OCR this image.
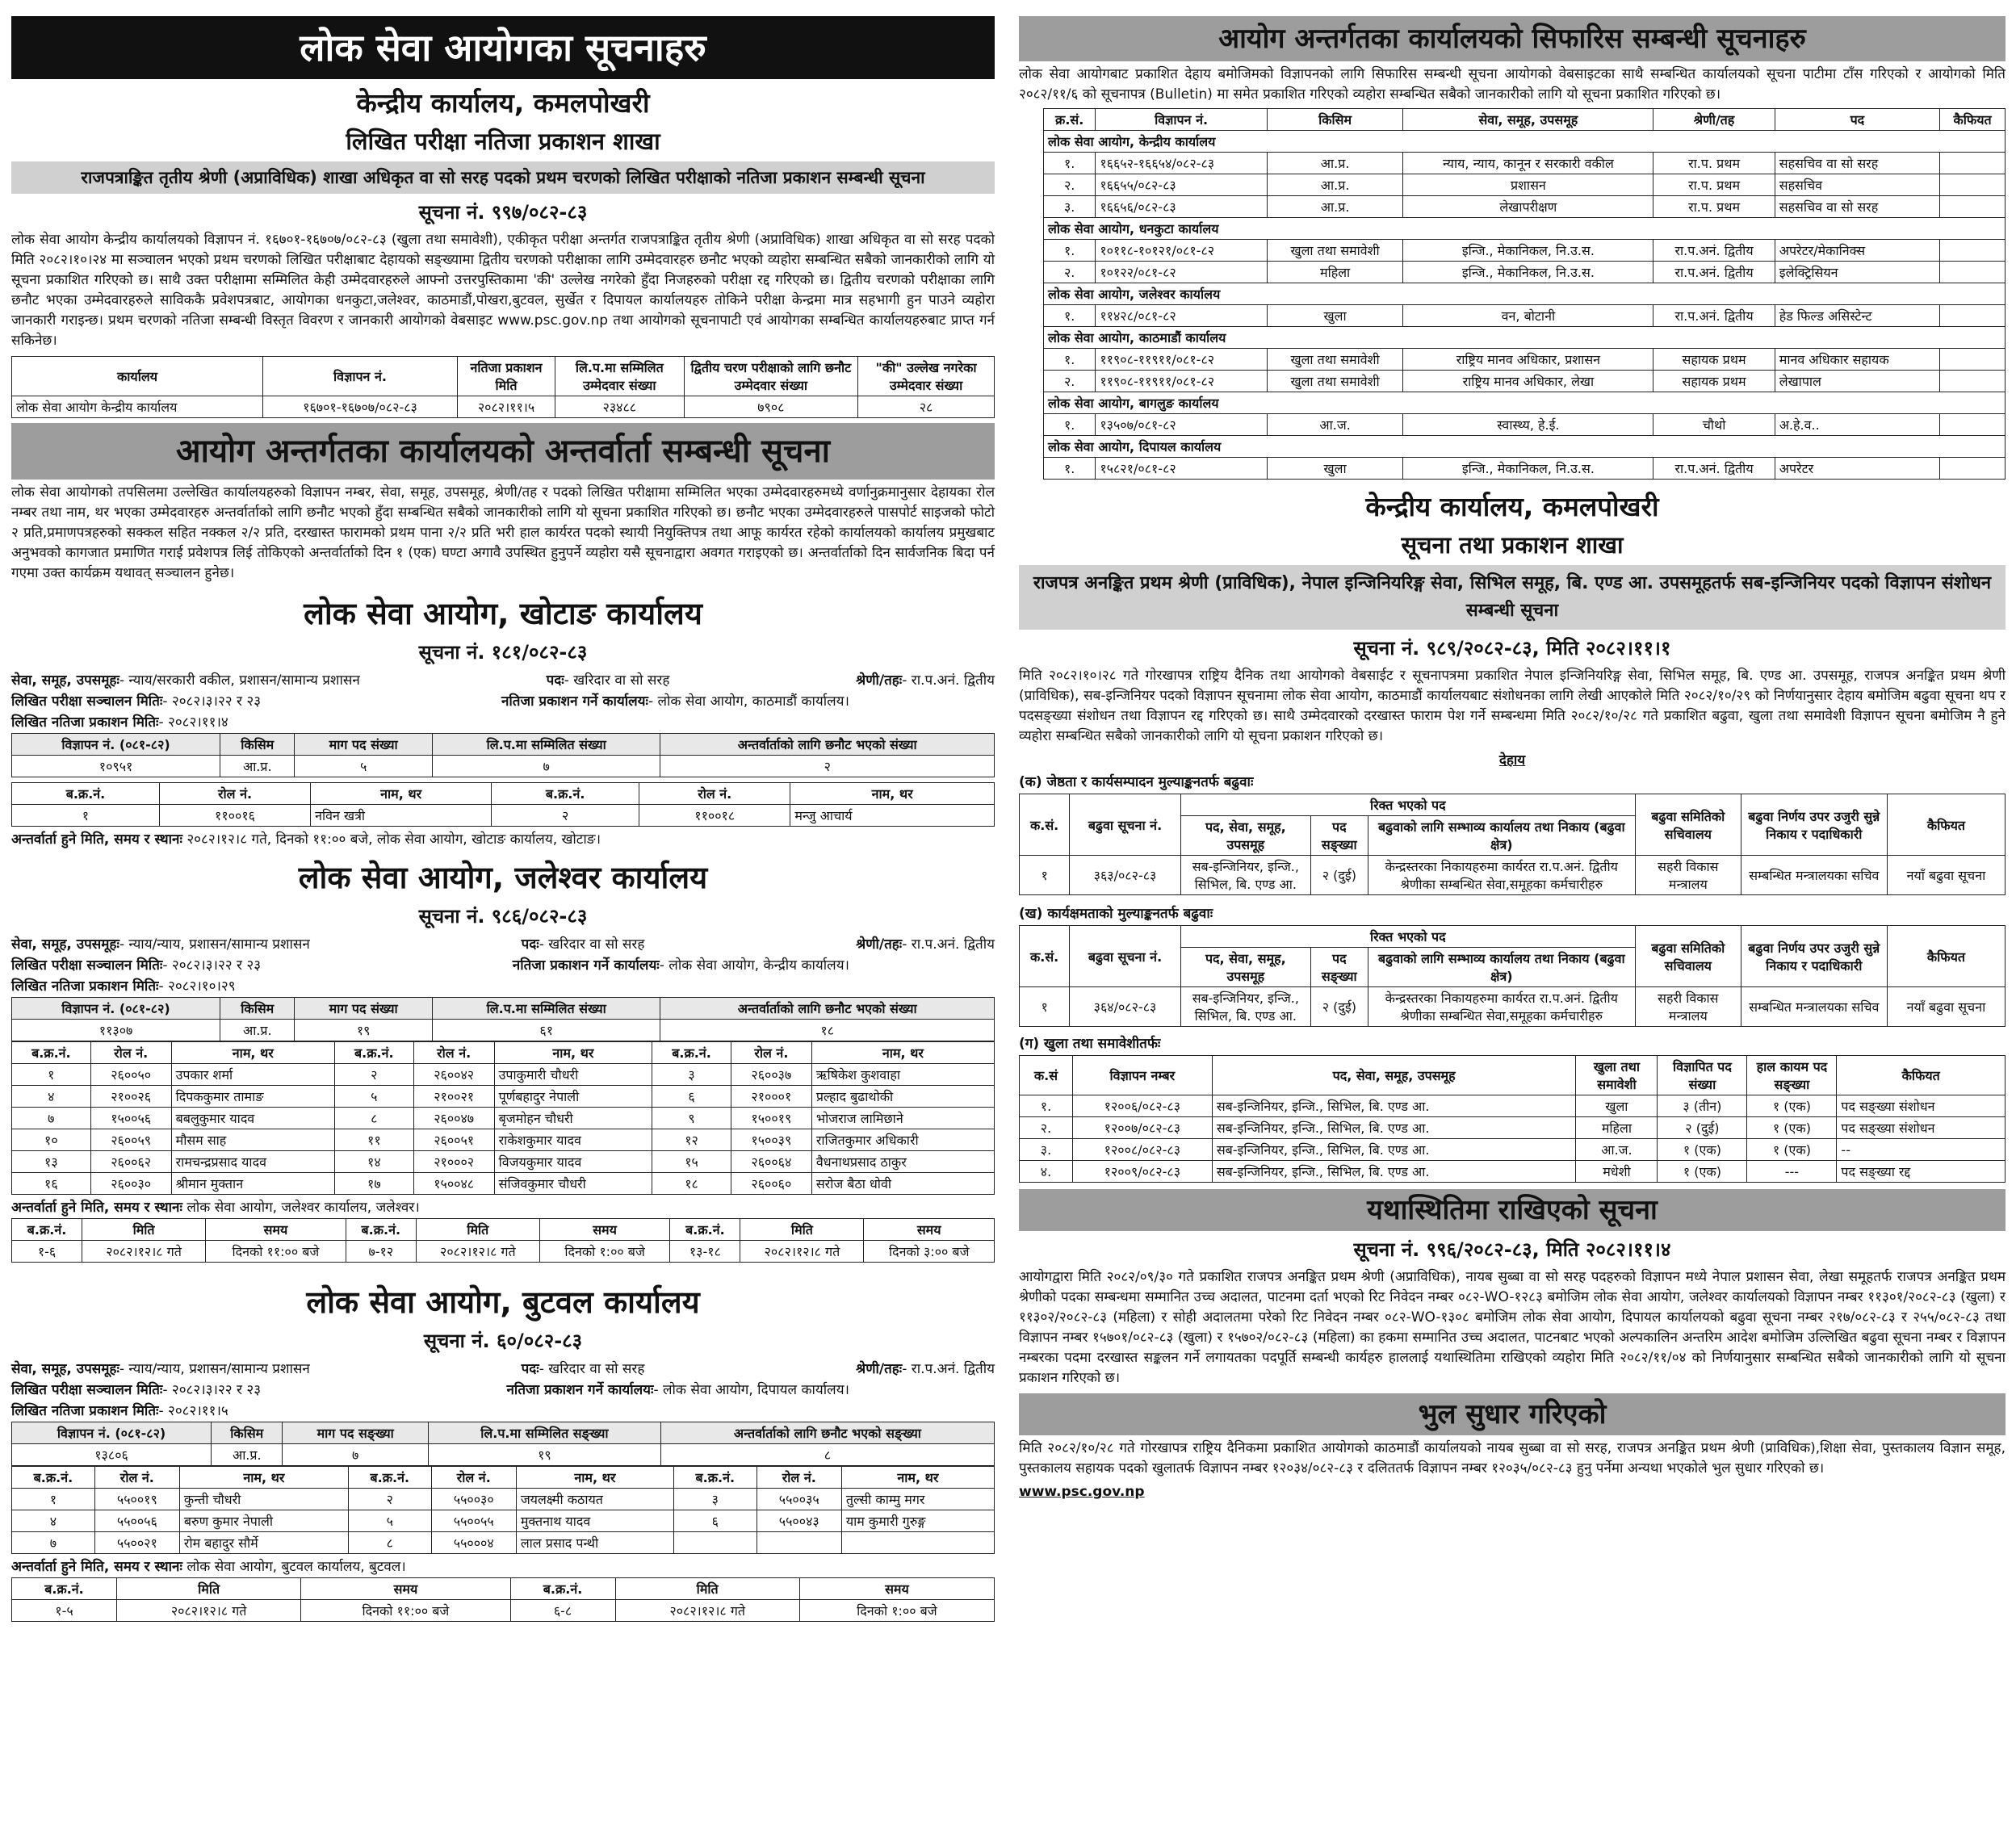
लोक सेवा आयोगका सूचनाहरु
केन्द्रीय कार्यालय, कमलपोखरी
लिखित परीक्षा नतिजा प्रकाशन शाखा
राजपत्राङ्कित तृतीय श्रेणी (अप्राविधिक) शाखा अधिकृत वा सो सरह पदको प्रथम चरणको लिखित परीक्षाको नतिजा प्रकाशन सम्बन्धी सूचना
सूचना नं. ९९७/०८२-८३
लोक सेवा आयोग केन्द्रीय कार्यालयको विज्ञापन नं. १६७०१-१६७०७/०८२-८३ (खुला तथा समावेशी), एकीकृत परीक्षा अन्तर्गत राजपत्राङ्कित तृतीय श्रेणी (अप्राविधिक) शाखा अधिकृत वा सो सरह पदको मिति २०८२।१०।२४ मा सञ्चालन भएको प्रथम चरणको लिखित परीक्षाबाट देहायको सङ्ख्यामा द्वितीय चरणको परीक्षाका लागि उम्मेदवारहरु छनौट भएको व्यहोरा सम्बन्धित सबैको जानकारीको लागि यो सूचना प्रकाशित गरिएको छ। साथै उक्त परीक्षामा सम्मिलित केही उम्मेदवारहरुले आफ्नो उत्तरपुस्तिकामा 'की' उल्लेख नगरेको हुँदा निजहरुको परीक्षा रद्द गरिएको छ। द्वितीय चरणको परीक्षाका लागि छनौट भएका उम्मेदवारहरुले साविककै प्रवेशपत्रबाट, आयोगका धनकुटा,जलेश्वर, काठमाडौं,पोखरा,बुटवल, सुर्खेत र दिपायल कार्यालयहरु तोकिने परीक्षा केन्द्रमा मात्र सहभागी हुन पाउने व्यहोरा जानकारी गराइन्छ। प्रथम चरणको नतिजा सम्बन्धी विस्तृत विवरण र जानकारी आयोगको वेबसाइट www.psc.gov.np तथा आयोगको सूचनापाटी एवं आयोगका सम्बन्धित कार्यालयहरुबाट प्राप्त गर्न सकिनेछ।
कार्यालय	विज्ञापन नं.	नतिजा प्रकाशन मिति	लि.प.मा सम्मिलित उम्मेदवार संख्या	द्वितीय चरण परीक्षाको लागि छनौट उम्मेदवार संख्या	"की" उल्लेख नगरेका उम्मेदवार संख्या
लोक सेवा आयोग केन्द्रीय कार्यालय	१६७०१-१६७०७/०८२-८३	२०८२।११।५	२३४८८	७९०८	२८
आयोग अन्तर्गतका कार्यालयको अन्तर्वार्ता सम्बन्धी सूचना
लोक सेवा आयोगको तपसिलमा उल्लेखित कार्यालयहरुको विज्ञापन नम्बर, सेवा, समूह, उपसमूह, श्रेणी/तह र पदको लिखित परीक्षामा सम्मिलित भएका उम्मेदवारहरुमध्ये वर्णानुक्रमानुसार देहायका रोल नम्बर तथा नाम, थर भएका उम्मेदवारहरु अन्तर्वार्ताको लागि छनौट भएको हुँदा सम्बन्धित सबैको जानकारीको लागि यो सूचना प्रकाशित गरिएको छ। छनौट भएका उम्मेदवारहरुले पासपोर्ट साइजको फोटो २ प्रति,प्रमाणपत्रहरुको सक्कल सहित नक्कल २/२ प्रति, दरखास्त फारामको प्रथम पाना २/२ प्रति भरी हाल कार्यरत पदको स्थायी नियुक्तिपत्र तथा आफू कार्यरत रहेको कार्यालयको कार्यालय प्रमुखबाट अनुभवको कागजात प्रमाणित गराई प्रवेशपत्र लिई तोकिएको अन्तर्वार्ताको दिन १ (एक) घण्टा अगावै उपस्थित हुनुपर्ने व्यहोरा यसै सूचनाद्वारा अवगत गराइएको छ। अन्तर्वार्ताको दिन सार्वजनिक बिदा पर्न गएमा उक्त कार्यक्रम यथावत् सञ्चालन हुनेछ।
लोक सेवा आयोग, खोटाङ कार्यालय
सूचना नं. १८१/०८२-८३
सेवा, समूह, उपसमूहः- न्याय/सरकारी वकील, प्रशासन/सामान्य प्रशासन	पदः- खरिदार वा सो सरह	श्रेणी/तहः- रा.प.अनं. द्वितीय
लिखित परीक्षा सञ्चालन मितिः- २०८२।३।२२ र २३	नतिजा प्रकाशन गर्ने कार्यालयः- लोक सेवा आयोग, काठमाडौं कार्यालय।
लिखित नतिजा प्रकाशन मितिः- २०८२।११।४
विज्ञापन नं. (०८१-८२)	किसिम	माग पद संख्या	लि.प.मा सम्मिलित संख्या	अन्तर्वार्ताको लागि छनौट भएको संख्या
१०९५१	आ.प्र.	५	७	२
ब.क्र.नं.	रोल नं.	नाम, थर	ब.क्र.नं.	रोल नं.	नाम, थर
१	११००१६	नविन खत्री	२	११००१८	मन्जु आचार्य
अन्तर्वार्ता हुने मिति, समय र स्थानः
२०८२।१२।८ गते, दिनको ११:०० बजे, लोक सेवा आयोग, खोटाङ कार्यालय, खोटाङ।
लोक सेवा आयोग, जलेश्वर कार्यालय
सूचना नं. ९८६/०८२-८३
सेवा, समूह, उपसमूहः- न्याय/न्याय, प्रशासन/सामान्य प्रशासन	पदः- खरिदार वा सो सरह	श्रेणी/तहः- रा.प.अनं. द्वितीय
लिखित परीक्षा सञ्चालन मितिः- २०८२।३।२२ र २३	नतिजा प्रकाशन गर्ने कार्यालयः- लोक सेवा आयोग, केन्द्रीय कार्यालय।
लिखित नतिजा प्रकाशन मितिः- २०८२।१०।२९
विज्ञापन नं. (०८१-८२)	किसिम	माग पद संख्या	लि.प.मा सम्मिलित संख्या	अन्तर्वार्ताको लागि छनौट भएको संख्या
११३०७	आ.प्र.	१९	६१	१८
ब.क्र.नं.	रोल नं.	नाम, थर	ब.क्र.नं.	रोल नं.	नाम, थर	ब.क्र.नं.	रोल नं.	नाम, थर
१	२६००५०	उपकार शर्मा	२	२६००४२	उपाकुमारी चौधरी	३	२६००३७	ऋषिकेश कुशवाहा
४	२१००२६	दिपककुमार तामाङ	५	२१००२१	पूर्णबहादुर नेपाली	६	२१०००१	प्रल्हाद बुढाथोकी
७	१५००५६	बबलुकुमार यादव	८	२६००४७	बृजमोहन चौधरी	९	१५००१९	भोजराज लामिछाने
१०	२६००५९	मौसम साह	११	२६००५१	राकेशकुमार यादव	१२	१५००३९	राजितकुमार अधिकारी
१३	२६००६२	रामचन्द्रप्रसाद यादव	१४	२१०००२	विजयकुमार यादव	१५	२६००६४	वैधनाथप्रसाद ठाकुर
१६	२६००३०	श्रीमान मुक्तान	१७	१५००४८	संजिवकुमार चौधरी	१८	२६००६०	सरोज बैठा धोवी
अन्तर्वार्ता हुने मिति, समय र स्थानः
लोक सेवा आयोग, जलेश्वर कार्यालय, जलेश्वर।
ब.क्र.नं.	मिति	समय	ब.क्र.नं.	मिति	समय	ब.क्र.नं.	मिति	समय
१-६	२०८२।१२।८ गते	दिनको ११:०० बजे	७-१२	२०८२।१२।८ गते	दिनको १:०० बजे	१३-१८	२०८२।१२।८ गते	दिनको ३:०० बजे
लोक सेवा आयोग, बुटवल कार्यालय
सूचना नं. ६०/०८२-८३
सेवा, समूह, उपसमूहः- न्याय/न्याय, प्रशासन/सामान्य प्रशासन	पदः- खरिदार वा सो सरह	श्रेणी/तहः- रा.प.अनं. द्वितीय
लिखित परीक्षा सञ्चालन मितिः- २०८२।३।२२ र २३	नतिजा प्रकाशन गर्ने कार्यालयः- लोक सेवा आयोग, दिपायल कार्यालय।
लिखित नतिजा प्रकाशन मितिः- २०८२।११।५
विज्ञापन नं. (०८१-८२)	किसिम	माग पद सङ्ख्या	लि.प.मा सम्मिलित सङ्ख्या	अन्तर्वार्ताको लागि छनौट भएको सङ्ख्या
१३८०६	आ.प्र.	७	१९	८
ब.क्र.नं.	रोल नं.	नाम, थर	ब.क्र.नं.	रोल नं.	नाम, थर	ब.क्र.नं.	रोल नं.	नाम, थर
१	५५००१९	कुन्ती चौधरी	२	५५००३०	जयलक्ष्मी कठायत	३	५५००३५	तुल्सी काम्मु मगर
४	५५००५६	बरुण कुमार नेपाली	५	५५००५५	मुक्तनाथ यादव	६	५५००४३	याम कुमारी गुरुङ्ग
७	५५००२१	रोम बहादुर सौर्मे	८	५५०००४	लाल प्रसाद पन्थी			
अन्तर्वार्ता हुने मिति, समय र स्थानः
लोक सेवा आयोग, बुटवल कार्यालय, बुटवल।
ब.क्र.नं.	मिति	समय	ब.क्र.नं.	मिति	समय
१-५	२०८२।१२।८ गते	दिनको ११:०० बजे	६-८	२०८२।१२।८ गते	दिनको १:०० बजे
आयोग अन्तर्गतका कार्यालयको सिफारिस सम्बन्धी सूचनाहरु
लोक सेवा आयोगबाट प्रकाशित देहाय बमोजिमको विज्ञापनको लागि सिफारिस सम्बन्धी सूचना आयोगको वेबसाइटका साथै सम्बन्धित कार्यालयको सूचना पाटीमा टाँस गरिएको र आयोगको मिति २०८२/११/६ को सूचनापत्र (Bulletin) मा समेत प्रकाशित गरिएको व्यहोरा सम्बन्धित सबैको जानकारीको लागि यो सूचना प्रकाशित गरिएको छ।
क्र.सं.	विज्ञापन नं.	किसिम	सेवा, समूह, उपसमूह	श्रेणी/तह	पद	कैफियत
लोक सेवा आयोग, केन्द्रीय कार्यालय						
१.	१६६५२-१६६५४/०८२-८३	आ.प्र.	न्याय, न्याय, कानून र सरकारी वकील	रा.प. प्रथम	सहसचिव वा सो सरह	
२.	१६६५५/०८२-८३	आ.प्र.	प्रशासन	रा.प. प्रथम	सहसचिव	
३.	१६६५६/०८२-८३	आ.प्र.	लेखापरीक्षण	रा.प. प्रथम	सहसचिव वा सो सरह	
लोक सेवा आयोग, धनकुटा कार्यालय						
१.	१०११८-१०१२१/०८१-८२	खुला तथा समावेशी	इन्जि., मेकानिकल, नि.उ.स.	रा.प.अनं. द्वितीय	अपरेटर/मेकानिक्स	
२.	१०१२२/०८१-८२	महिला	इन्जि., मेकानिकल, नि.उ.स.	रा.प.अनं. द्वितीय	इलेक्ट्रिसियन	
लोक सेवा आयोग, जलेश्वर कार्यालय						
१.	११४२८/०८१-८२	खुला	वन, बोटानी	रा.प.अनं. द्वितीय	हेड फिल्ड असिस्टेन्ट	
लोक सेवा आयोग, काठमाडौं कार्यालय						
१.	११९०८-११९११/०८१-८२	खुला तथा समावेशी	राष्ट्रिय मानव अधिकार, प्रशासन	सहायक प्रथम	मानव अधिकार सहायक	
२.	११९०८-११९११/०८१-८२	खुला तथा समावेशी	राष्ट्रिय मानव अधिकार, लेखा	सहायक प्रथम	लेखापाल	
लोक सेवा आयोग, बागलुङ कार्यालय						
१.	१३५०७/०८१-८२	आ.ज.	स्वास्थ्य, हे.ई.	चौथो	अ.हे.व..	
लोक सेवा आयोग, दिपायल कार्यालय						
१.	१५८२१/०८१-८२	खुला	इन्जि., मेकानिकल, नि.उ.स.	रा.प.अनं. द्वितीय	अपरेटर	
केन्द्रीय कार्यालय, कमलपोखरी
सूचना तथा प्रकाशन शाखा
राजपत्र अनङ्कित प्रथम श्रेणी (प्राविधिक), नेपाल इन्जिनियरिङ्ग सेवा, सिभिल समूह, बि. एण्ड आ. उपसमूहतर्फ सब-इन्जिनियर पदको विज्ञापन संशोधन सम्बन्धी सूचना
सूचना नं. ९८९/२०८२-८३, मिति २०८२।११।१
मिति २०८२।१०।२८ गते गोरखापत्र राष्ट्रिय दैनिक तथा आयोगको वेबसाईट र सूचनापत्रमा प्रकाशित नेपाल इन्जिनियरिङ्ग सेवा, सिभिल समूह, बि. एण्ड आ. उपसमूह, राजपत्र अनङ्कित प्रथम श्रेणी (प्राविधिक), सब-इन्जिनियर पदको विज्ञापन सूचनामा लोक सेवा आयोग, काठमाडौं कार्यालयबाट संशोधनका लागि लेखी आएकोले मिति २०८२/१०/२९ को निर्णयानुसार देहाय बमोजिम बढुवा सूचना थप र पदसङ्ख्या संशोधन तथा विज्ञापन रद्द गरिएको छ। साथै उम्मेदवारको दरखास्त फाराम पेश गर्ने सम्बन्धमा मिति २०८२/१०/२८ गते प्रकाशित बढुवा, खुला तथा समावेशी विज्ञापन सूचना बमोजिम नै हुने व्यहोरा सम्बन्धित सबैको जानकारीको लागि यो सूचना प्रकाशन गरिएको छ।
देहाय
(क) जेष्ठता र कार्यसम्पादन मुल्याङ्कनतर्फ बढुवाः
क.सं.	बढुवा सूचना नं.	रिक्त भएको पद			बढुवा समितिको सचिवालय	बढुवा निर्णय उपर उजुरी सुन्ने निकाय र पदाधिकारी	कैफियत
		पद, सेवा, समूह, उपसमूह	पद सङ्ख्या	बढुवाको लागि सम्भाव्य कार्यालय तथा निकाय (बढुवा क्षेत्र)			
१	३६३/०८२-८३	सब-इन्जिनियर, इन्जि., सिभिल, बि. एण्ड आ.	२ (दुई)	केन्द्रस्तरका निकायहरुमा कार्यरत रा.प.अनं. द्वितीय श्रेणीका सम्बन्धित सेवा,समूहका कर्मचारीहरु	सहरी विकास मन्त्रालय	सम्बन्धित मन्त्रालयका सचिव	नयाँ बढुवा सूचना
(ख) कार्यक्षमताको मुल्याङ्कनतर्फ बढुवाः
क.सं.	बढुवा सूचना नं.	रिक्त भएको पद			बढुवा समितिको सचिवालय	बढुवा निर्णय उपर उजुरी सुन्ने निकाय र पदाधिकारी	कैफियत
		पद, सेवा, समूह, उपसमूह	पद सङ्ख्या	बढुवाको लागि सम्भाव्य कार्यालय तथा निकाय (बढुवा क्षेत्र)			
१	३६४/०८२-८३	सब-इन्जिनियर, इन्जि., सिभिल, बि. एण्ड आ.	२ (दुई)	केन्द्रस्तरका निकायहरुमा कार्यरत रा.प.अनं. द्वितीय श्रेणीका सम्बन्धित सेवा,समूहका कर्मचारीहरु	सहरी विकास मन्त्रालय	सम्बन्धित मन्त्रालयका सचिव	नयाँ बढुवा सूचना
(ग) खुला तथा समावेशीतर्फः
क.सं	विज्ञापन नम्बर	पद, सेवा, समूह, उपसमूह	खुला तथा समावेशी	विज्ञापित पद संख्या	हाल कायम पद सङ्ख्या	कैफियत
१.	१२००६/०८२-८३	सब-इन्जिनियर, इन्जि., सिभिल, बि. एण्ड आ.	खुला	३ (तीन)	१ (एक)	पद सङ्ख्या संशोधन
२.	१२००७/०८२-८३	सब-इन्जिनियर, इन्जि., सिभिल, बि. एण्ड आ.	महिला	२ (दुई)	१ (एक)	पद सङ्ख्या संशोधन
३.	१२००८/०८२-८३	सब-इन्जिनियर, इन्जि., सिभिल, बि. एण्ड आ.	आ.ज.	१ (एक)	१ (एक)	--
४.	१२००९/०८२-८३	सब-इन्जिनियर, इन्जि., सिभिल, बि. एण्ड आ.	मधेशी	१ (एक)	---	पद सङ्ख्या रद्द
यथास्थितिमा राखिएको सूचना
सूचना नं. ९९६/२०८२-८३, मिति २०८२।११।४
आयोगद्वारा मिति २०८२/०९/३० गते प्रकाशित राजपत्र अनङ्कित प्रथम श्रेणी (अप्राविधिक), नायब सुब्बा वा सो सरह पदहरुको विज्ञापन मध्ये नेपाल प्रशासन सेवा, लेखा समूहतर्फ राजपत्र अनङ्कित प्रथम श्रेणीको पदका सम्बन्धमा सम्मानित उच्च अदालत, पाटनमा दर्ता भएको रिट निवेदन नम्बर ०८२-WO-१२८३ बमोजिम लोक सेवा आयोग, जलेश्वर कार्यालयको विज्ञापन नम्बर ११३०१/२०८२-८३ (खुला) र ११३०२/२०८२-८३ (महिला) र सोही अदालतमा परेको रिट निवेदन नम्बर ०८२-WO-१३०८ बमोजिम लोक सेवा आयोग, दिपायल कार्यालयको बढुवा सूचना नम्बर २१७/०८२-८३ र २५५/०८२-८३ तथा विज्ञापन नम्बर १५७०१/०८२-८३ (खुला) र १५७०२/०८२-८३ (महिला) का हकमा सम्मानित उच्च अदालत, पाटनबाट भएको अल्पकालिन अन्तरिम आदेश बमोजिम उल्लिखित बढुवा सूचना नम्बर र विज्ञापन नम्बरका पदमा दरखास्त सङ्कलन गर्ने लगायतका पदपूर्ति सम्बन्धी कार्यहरु हाललाई यथास्थितिमा राखिएको व्यहोरा मिति २०८२/११/०४ को निर्णयानुसार सम्बन्धित सबैको जानकारीको लागि यो सूचना प्रकाशन गरिएको छ।
भुल सुधार गरिएको
मिति २०८२/१०/२८ गते गोरखापत्र राष्ट्रिय दैनिकमा प्रकाशित आयोगको काठमाडौं कार्यालयको नायब सुब्बा वा सो सरह, राजपत्र अनङ्कित प्रथम श्रेणी (प्राविधिक),शिक्षा सेवा, पुस्तकालय विज्ञान समूह, पुस्तकालय सहायक पदको खुलातर्फ विज्ञापन नम्बर १२०३४/०८२-८३ र दलिततर्फ विज्ञापन नम्बर १२०३५/०८२-८३ हुनु पर्नेमा अन्यथा भएकोले भुल सुधार गरिएको छ।
www.psc.gov.np
